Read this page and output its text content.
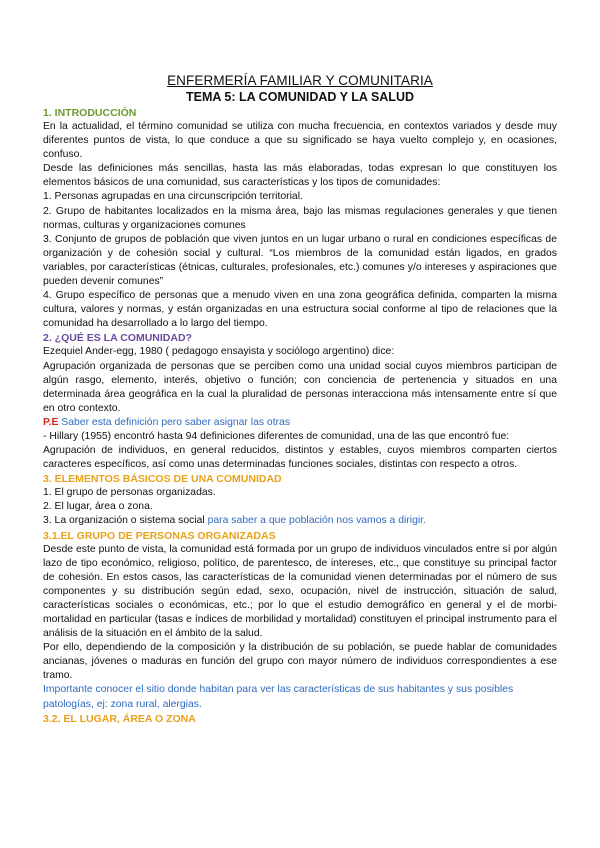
ENFERMERÍA FAMILIAR Y COMUNITARIA
TEMA 5: LA COMUNIDAD Y LA SALUD
1. INTRODUCCIÓN

En la actualidad, el término comunidad se utiliza con mucha frecuencia, en contextos variados y desde muy diferentes puntos de vista, lo que conduce a que su significado se haya vuelto complejo y, en ocasiones, confuso.

Desde las definiciones más sencillas, hasta las más elaboradas, todas expresan lo que constituyen los elementos básicos de una comunidad, sus características y los tipos de comunidades:

1. Personas agrupadas en una circunscripción territorial.

2. Grupo de habitantes localizados en la misma área, bajo las mismas regulaciones generales y que tienen normas, culturas y organizaciones comunes

3. Conjunto de grupos de población que viven juntos en un lugar urbano o rural en condiciones específicas de organización y de cohesión social y cultural. “Los miembros de la comunidad están ligados, en grados variables, por características (étnicas, culturales, profesionales, etc.) comunes y/o intereses y aspiraciones que pueden devenir comunes”

4. Grupo específico de personas que a menudo viven en una zona geográfica definida, comparten la misma cultura, valores y normas, y están organizadas en una estructura social conforme al tipo de relaciones que la comunidad ha desarrollado a lo largo del tiempo.

2. ¿QUÉ ES LA COMUNIDAD?

Ezequiel Ander-egg, 1980 ( pedagogo ensayista y sociólogo argentino) dice:

Agrupación organizada de personas que se perciben como una unidad social cuyos miembros participan de algún rasgo, elemento, interés, objetivo o función; con conciencia de pertenencia y situados en una determinada área geográfica en la cual la pluralidad de personas interacciona más intensamente entre sí que en otro contexto.

P.E Saber esta definición pero saber asignar las otras

- Hillary (1955) encontró hasta 94 definiciones diferentes de comunidad, una de las que encontró fue:

Agrupación de individuos, en general reducidos, distintos y estables, cuyos miembros comparten ciertos caracteres específicos, así como unas determinadas funciones sociales, distintas con respecto a otros.

3. ELEMENTOS BÁSICOS DE UNA COMUNIDAD

1. El grupo de personas organizadas.

2. El lugar, área o zona.

3. La organización o sistema social para saber a que población nos vamos a dirigir.

3.1.EL GRUPO DE PERSONAS ORGANIZADAS

Desde este punto de vista, la comunidad está formada por un grupo de individuos vinculados entre sí por algún lazo de tipo económico, religioso, político, de parentesco, de intereses, etc., que constituye su principal factor de cohesión. En estos casos, las características de la comunidad vienen determinadas por el número de sus componentes y su distribución según edad, sexo, ocupación, nivel de instrucción, situación de salud, características sociales o económicas, etc.; por lo que el estudio demográfico en general y el de morbi-mortalidad en particular (tasas e índices de morbilidad y mortalidad) constituyen el principal instrumento para el análisis de la situación en el ámbito de la salud.

Por ello, dependiendo de la composición y la distribución de su población, se puede hablar de comunidades ancianas, jóvenes o maduras en función del grupo con mayor número de individuos correspondientes a ese tramo.

Importante conocer el sitio donde habitan para ver las características de sus habitantes y sus posibles patologías, ej: zona rural, alergias.

3.2. EL LUGAR, ÁREA O ZONA
